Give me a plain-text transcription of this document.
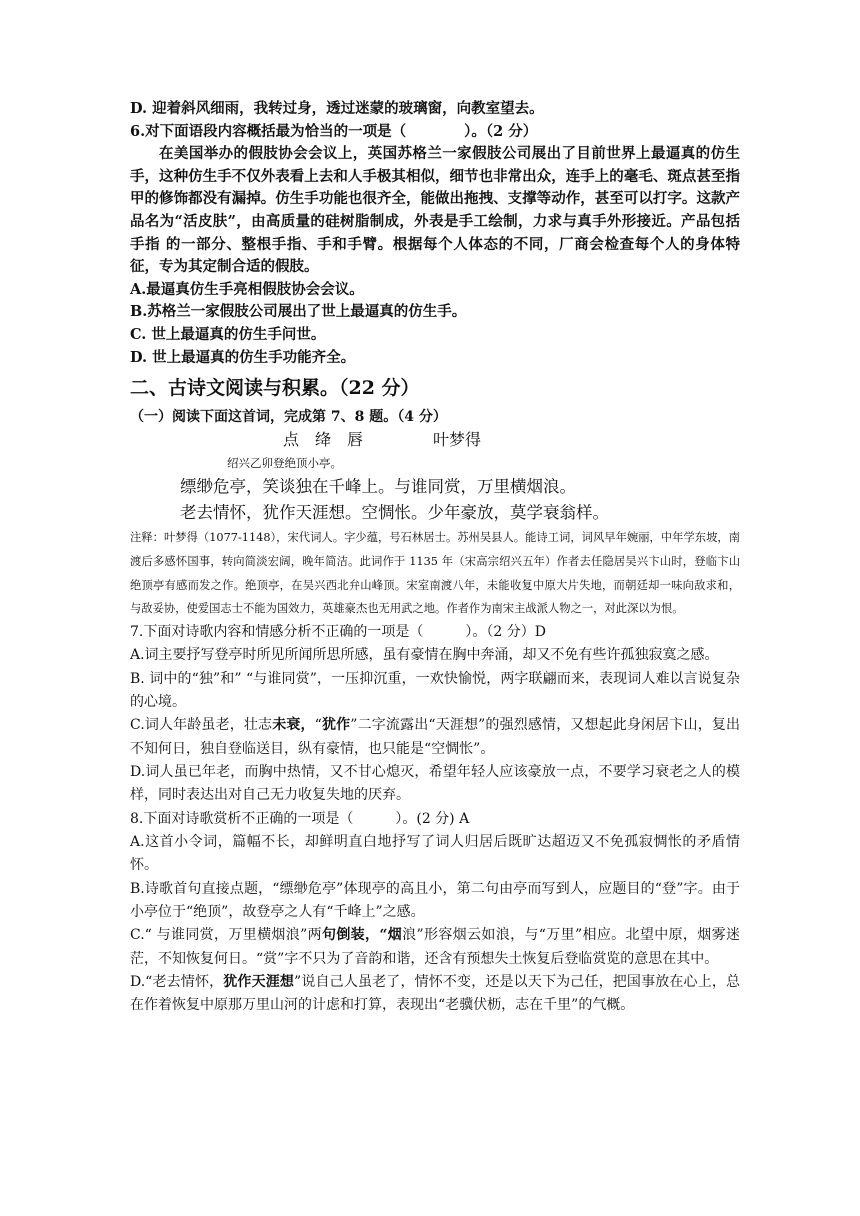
D. 迎着斜风细雨，我转过身，透过迷蒙的玻璃窗，向教室望去。
6.对下面语段内容概括最为恰当的一项是（　　　　）。（2 分）
在美国举办的假肢协会会议上，英国苏格兰一家假肢公司展出了目前世界上最逼真的仿生手，这种仿生手不仅外表看上去和人手极其相似，细节也非常出众，连手上的毫毛、斑点甚至指甲的修饰都没有漏掉。仿生手功能也很齐全，能做出拖拽、支撑等动作，甚至可以打字。这款产品名为“活皮肤”，由高质量的硅树脂制成，外表是手工绘制，力求与真手外形接近。产品包括手指 的一部分、整根手指、手和手臂。根据每个人体态的不同，厂商会检查每个人的身体特征，专为其定制合适的假肢。
A.最逼真仿生手亮相假肢协会会议。
B.苏格兰一家假肢公司展出了世上最逼真的仿生手。
C. 世上最逼真的仿生手问世。
D. 世上最逼真的仿生手功能齐全。
二、古诗文阅读与积累。（22 分）
（一）阅读下面这首词，完成第 7、8 题。（4 分）
点　绛　唇	叶梦得
绍兴乙卯登绝顶小亭。
缥缈危亭，笑谈独在千峰上。与谁同赏，万里横烟浪。
老去情怀，犹作天涯想。空惆怅。少年豪放，莫学衰翁样。
注释：叶梦得（1077-1148），宋代词人。字少蕴，号石林居士。苏州吴县人。能诗工词，词风早年婉丽，中年学东坡，南渡后多感怀国事，转向简淡宏阔，晚年简洁。此词作于 1135 年（宋高宗绍兴五年）作者去任隐居吴兴卞山时，登临卞山绝顶亭有感而发之作。绝顶亭，在吴兴西北弁山峰顶。宋室南渡八年，未能收复中原大片失地，而朝廷却一味向敌求和，与敌妥协，使爱国志士不能为国效力，英雄豪杰也无用武之地。作者作为南宋主战派人物之一，对此深以为恨。
7.下面对诗歌内容和情感分析不正确的一项是（　　　）。（2 分）D

A.词主要抒写登亭时所见所闻所思所感，虽有豪情在胸中奔涌，却又不免有些许孤独寂寞之感。

B. 词中的“独”和” “与谁同赏”，一压抑沉重，一欢快愉悦，两字联翩而来，表现词人难以言说复杂的心境。

C.词人年龄虽老，壮志未衰，“犹作”二字流露出“天涯想”的强烈感情，又想起此身闲居卞山，复出不知何日，独自登临送目，纵有豪情，也只能是“空惆怅”。

D.词人虽已年老，而胸中热情，又不甘心熄灭，希望年轻人应该豪放一点，不要学习衰老之人的模样，同时表达出对自己无力收复失地的厌弃。

8.下面对诗歌赏析不正确的一项是（　　　）。(2 分) A

A.这首小令词，篇幅不长，却鲜明直白地抒写了词人归居后既旷达超迈又不免孤寂惆怅的矛盾情怀。

B.诗歌首句直接点题，“缥缈危亭”体现亭的高且小，第二句由亭而写到人，应题目的“登”字。由于小亭位于“绝顶”，故登亭之人有“千峰上”之感。

C.“ 与谁同赏，万里横烟浪”两句倒装，“烟浪”形容烟云如浪，与“万里”相应。北望中原，烟雾迷茫，不知恢复何日。“赏”字不只为了音韵和谐，还含有预想失土恢复后登临赏览的意思在其中。

D.“老去情怀，犹作天涯想”说自己人虽老了，情怀不变，还是以天下为己任，把国事放在心上，总在作着恢复中原那万里山河的计虑和打算，表现出“老骥伏枥，志在千里”的气概。
